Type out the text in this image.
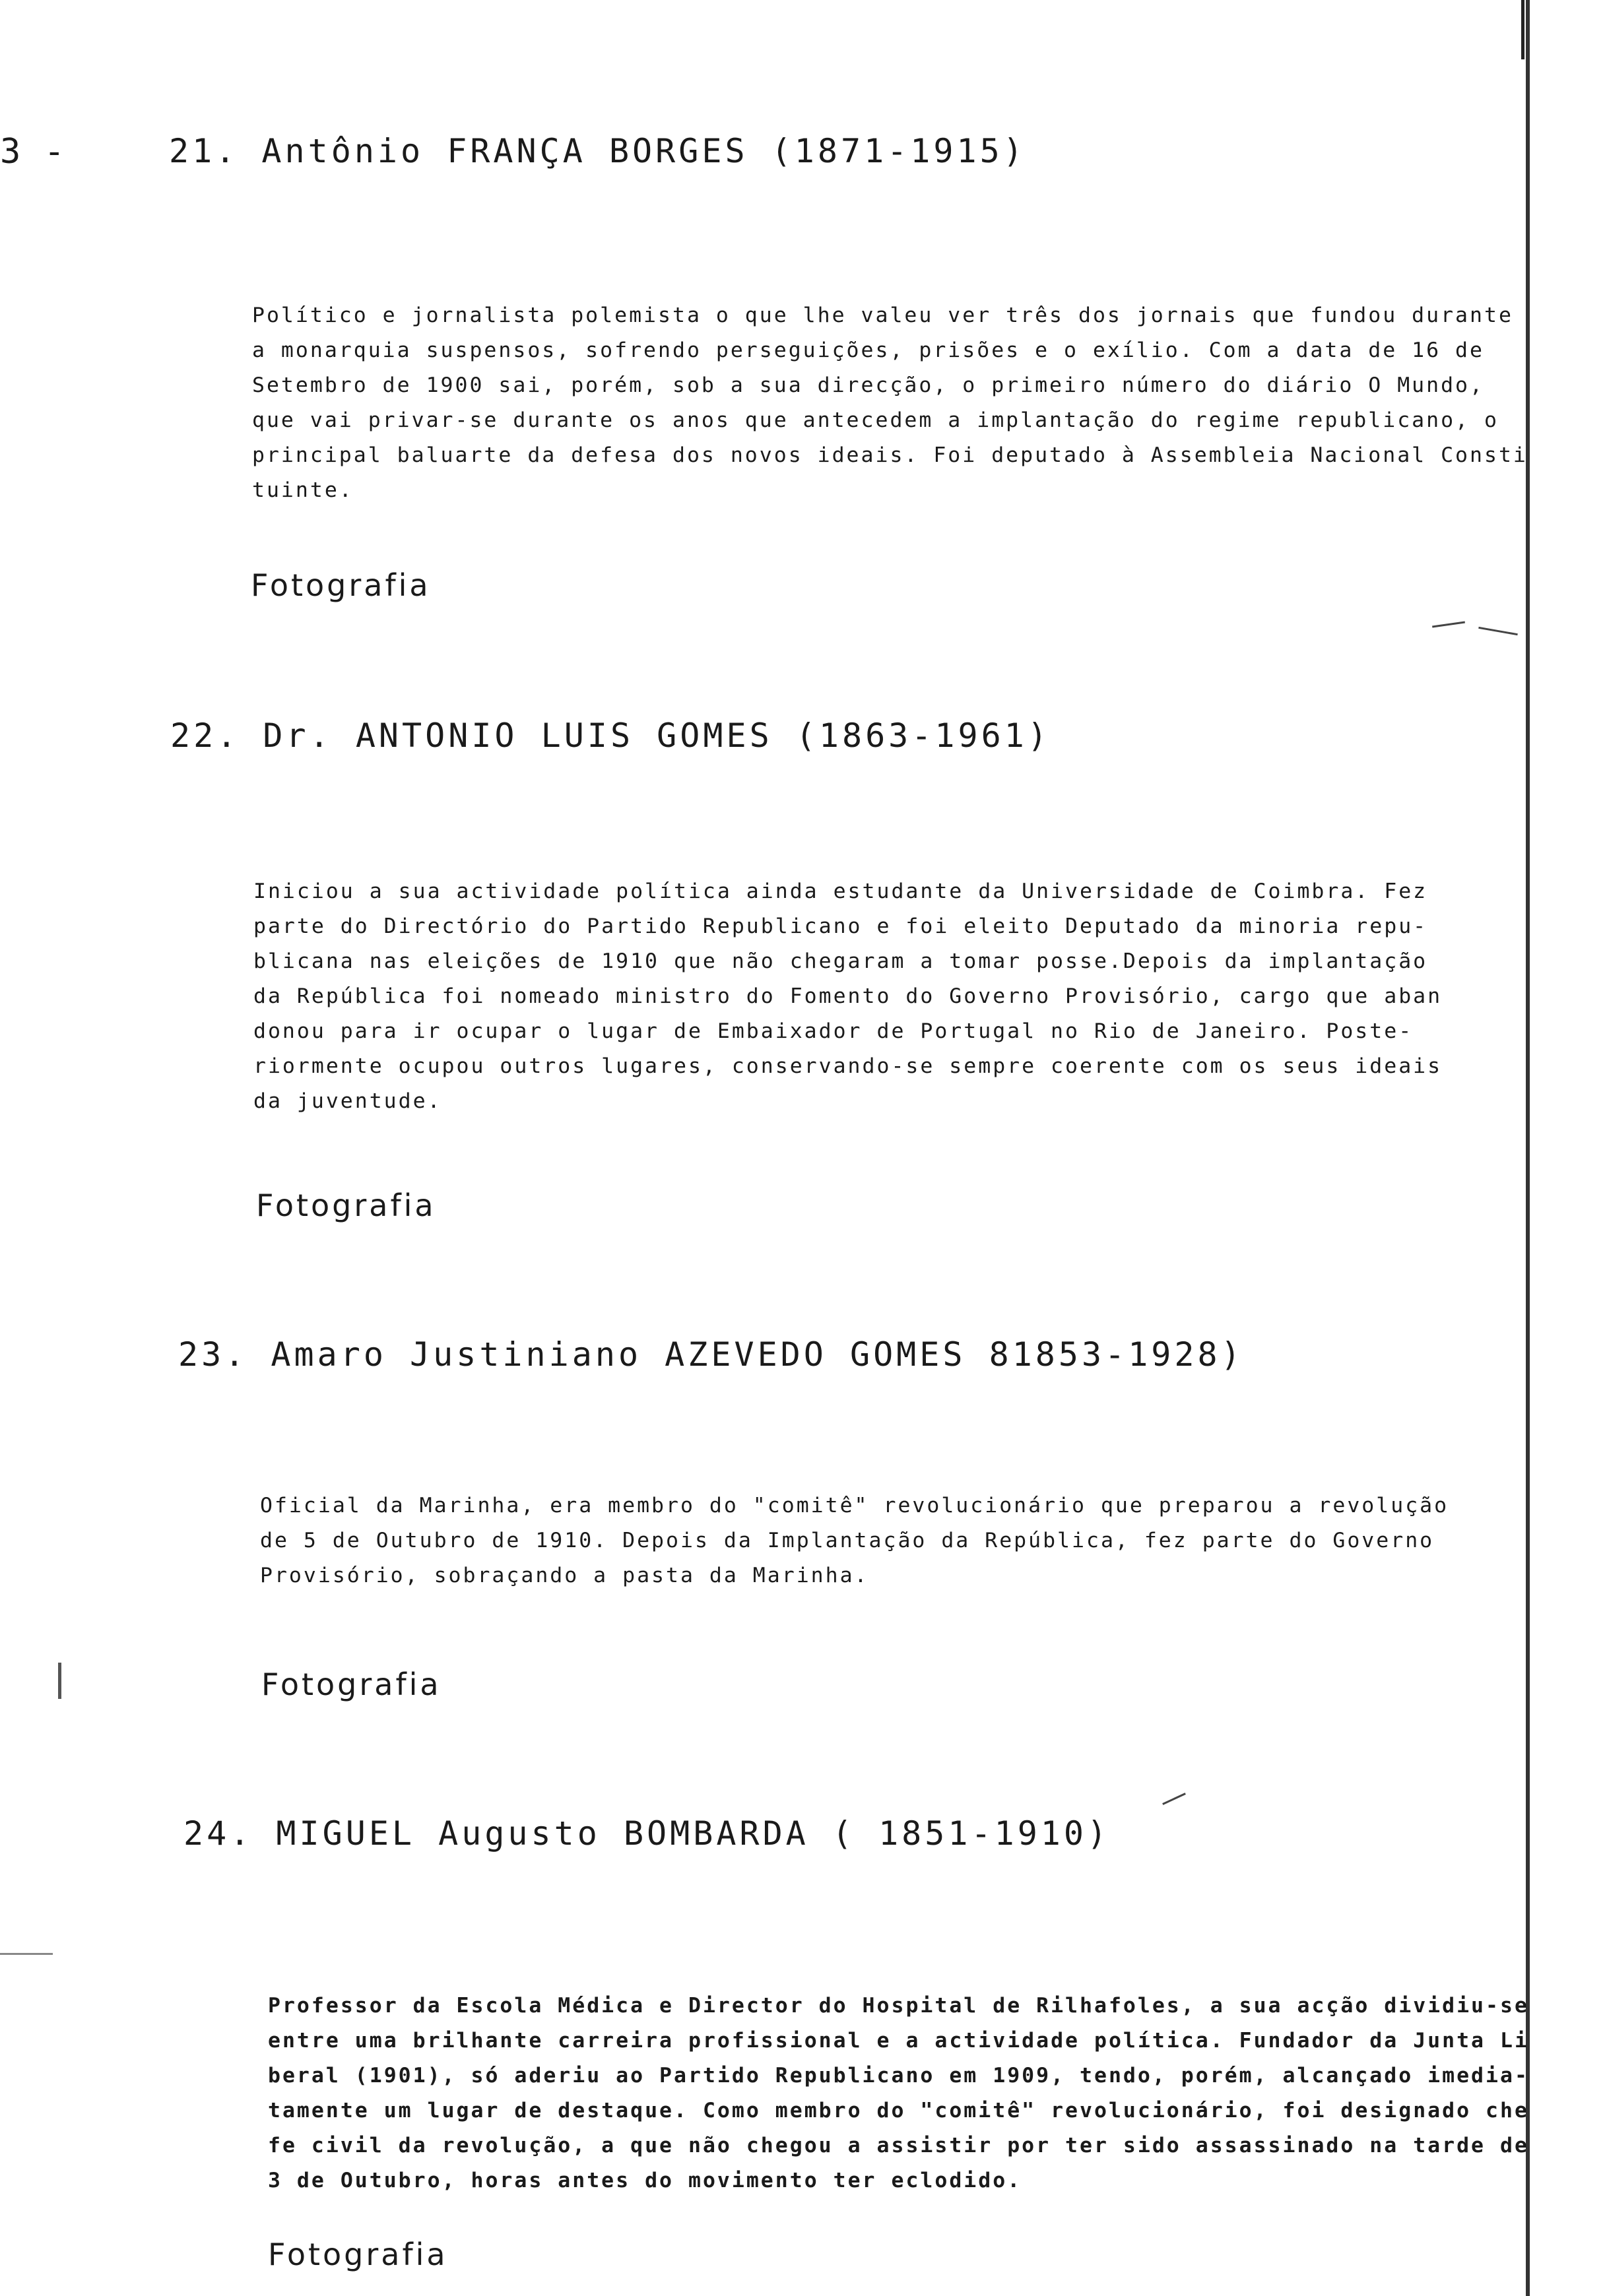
3 -	21. Antônio FRANÇA BORGES (1871-1915)
Político e jornalista polemista o que lhe valeu ver três dos jornais que fundou durante
a monarquia suspensos, sofrendo perseguições, prisões e o exílio. Com a data de 16 de
Setembro de 1900 sai, porém, sob a sua direcção, o primeiro número do diário O Mundo,
que vai privar-se durante os anos que antecedem a implantação do regime republicano, o
principal baluarte da defesa dos novos ideais. Foi deputado à Assembleia Nacional Consti
tuinte.
Fotografia
22. Dr. ANTONIO LUIS GOMES (1863-1961)
Iniciou a sua actividade política ainda estudante da Universidade de Coimbra. Fez
parte do Directório do Partido Republicano e foi eleito Deputado da minoria repu-
blicana nas eleições de 1910 que não chegaram a tomar posse.Depois da implantação
da República foi nomeado ministro do Fomento do Governo Provisório, cargo que aban
donou para ir ocupar o lugar de Embaixador de Portugal no Rio de Janeiro. Poste-
riormente ocupou outros lugares, conservando-se sempre coerente com os seus ideais
da juventude.
Fotografia
23. Amaro Justiniano AZEVEDO GOMES 81853-1928)
Oficial da Marinha, era membro do "comitê" revolucionário que preparou a revolução
de 5 de Outubro de 1910. Depois da Implantação da República, fez parte do Governo
Provisório, sobraçando a pasta da Marinha.
Fotografia
24. MIGUEL Augusto BOMBARDA ( 1851-1910)
Professor da Escola Médica e Director do Hospital de Rilhafoles, a sua acção dividiu-se
entre uma brilhante carreira profissional e a actividade política. Fundador da Junta Li
beral (1901), só aderiu ao Partido Republicano em 1909, tendo, porém, alcançado imedia-
tamente um lugar de destaque. Como membro do "comitê" revolucionário, foi designado che
fe civil da revolução, a que não chegou a assistir por ter sido assassinado na tarde de
3 de Outubro, horas antes do movimento ter eclodido.
Fotografia
